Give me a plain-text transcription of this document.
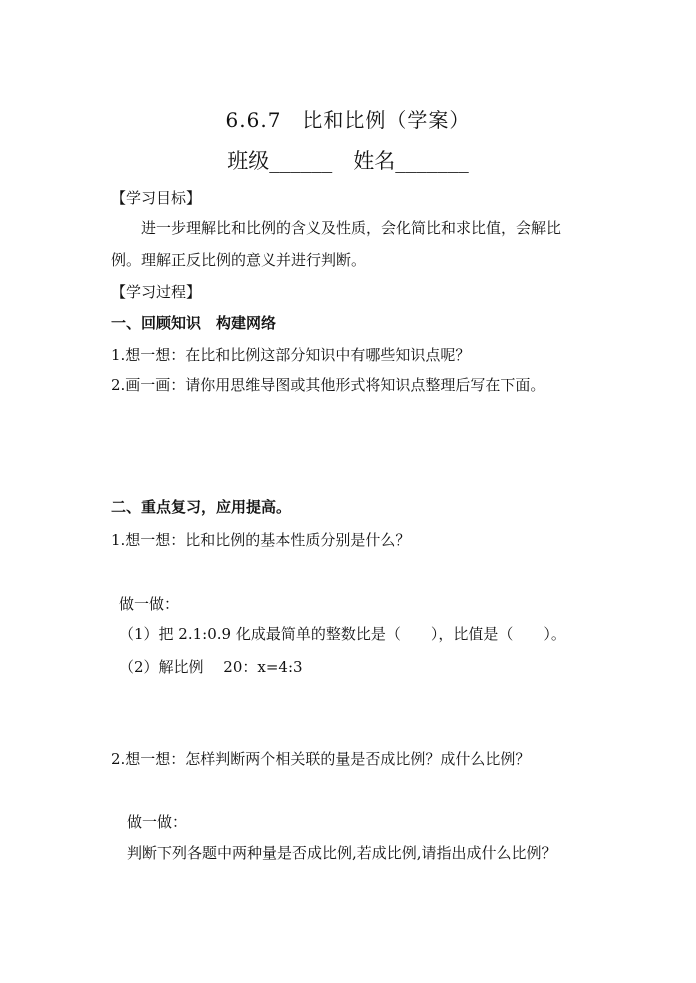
6.6.7　比和比例（学案）
班级______　姓名_______
【学习目标】
进一步理解比和比例的含义及性质，会化简比和求比值，会解比例。理解正反比例的意义并进行判断。
【学习过程】
一、回顾知识　构建网络
1.想一想：在比和比例这部分知识中有哪些知识点呢？
2.画一画：请你用思维导图或其他形式将知识点整理后写在下面。
二、重点复习，应用提高。
1.想一想：比和比例的基本性质分别是什么？
做一做：
（1）把 2.1:0.9 化成最简单的整数比是（　　），比值是（　　）。
（2）解比例　 20：x=4:3
2.想一想：怎样判断两个相关联的量是否成比例？成什么比例？
做一做：
判断下列各题中两种量是否成比例,若成比例,请指出成什么比例？
